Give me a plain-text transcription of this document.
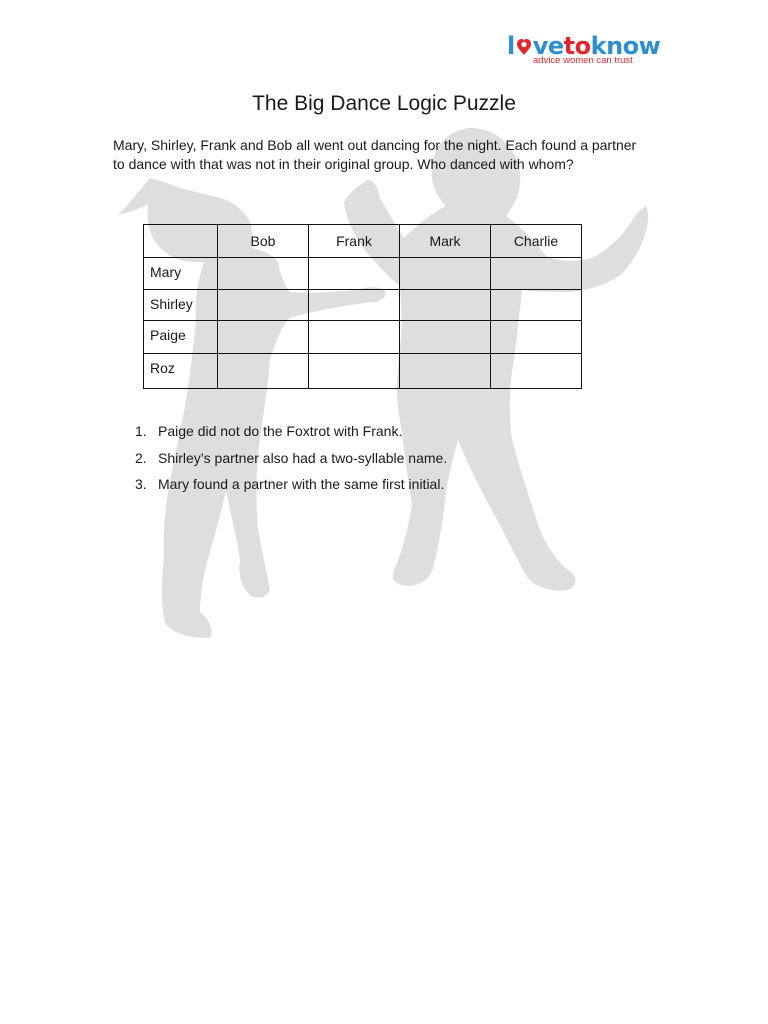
l vetoknow
advice women can trust
The Big Dance Logic Puzzle
Mary, Shirley, Frank and Bob all went out dancing for the night. Each found a partner to dance with that was not in their original group. Who danced with whom?
	Bob	Frank	Mark	Charlie
Mary				
Shirley				
Paige				
Roz				
1. Paige did not do the Foxtrot with Frank.
2. Shirley’s partner also had a two-syllable name.
3. Mary found a partner with the same first initial.
